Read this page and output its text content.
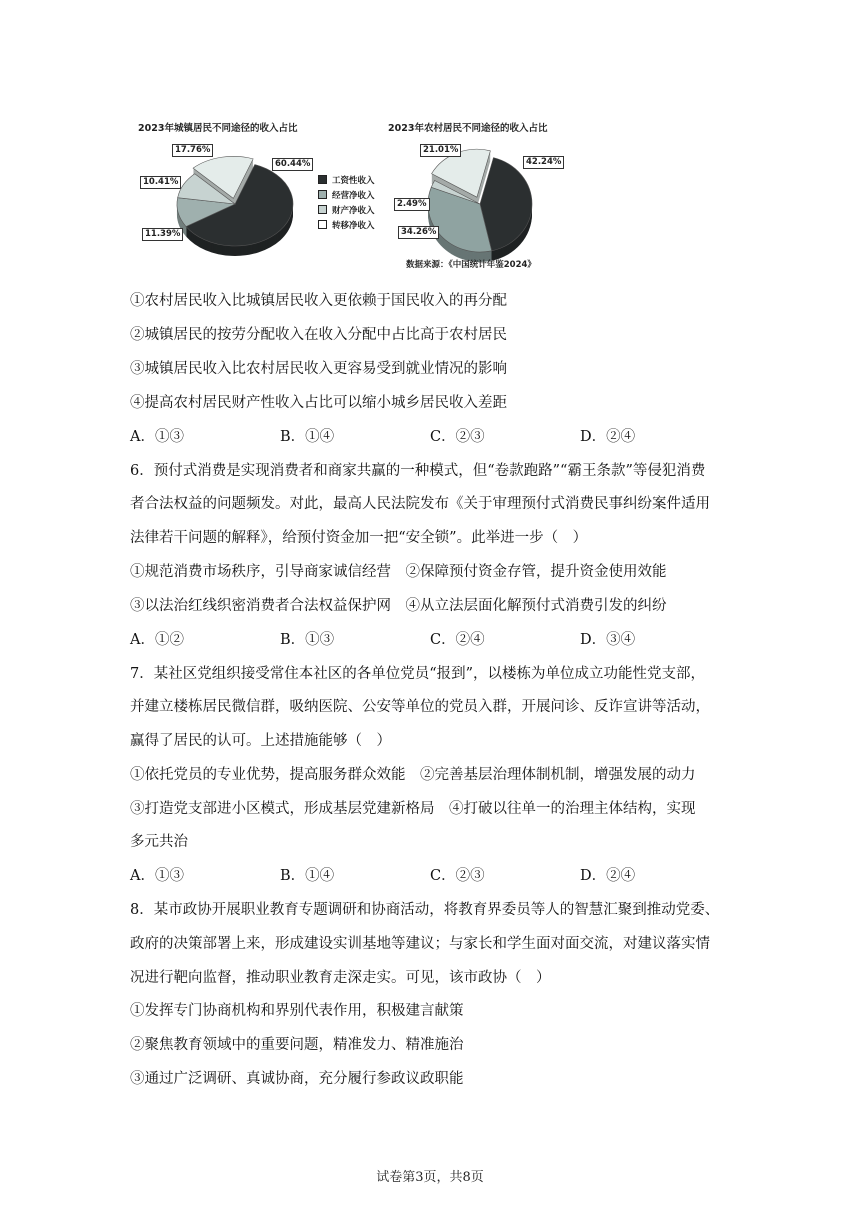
2023年城镇居民不同途径的收入占比	2023年农村居民不同途径的收入占比
60.44%
11.39%
10.41%
17.76%
42.24%
34.26%
2.49%
21.01%
工资性收入
经营净收入
财产净收入
转移净收入
数据来源：《中国统计年鉴2024》
①农村居民收入比城镇居民收入更依赖于国民收入的再分配
②城镇居民的按劳分配收入在收入分配中占比高于农村居民
③城镇居民收入比农村居民收入更容易受到就业情况的影响
④提高农村居民财产性收入占比可以缩小城乡居民收入差距
A．①③	B．①④	C．②③	D．②④
6．预付式消费是实现消费者和商家共赢的一种模式，但“卷款跑路”“霸王条款”等侵犯消费
者合法权益的问题频发。对此，最高人民法院发布《关于审理预付式消费民事纠纷案件适用
法律若干问题的解释》，给预付资金加一把“安全锁”。此举进一步（　）
①规范消费市场秩序，引导商家诚信经营　②保障预付资金存管，提升资金使用效能
③以法治红线织密消费者合法权益保护网　④从立法层面化解预付式消费引发的纠纷
A．①②	B．①③	C．②④	D．③④
7．某社区党组织接受常住本社区的各单位党员“报到”，以楼栋为单位成立功能性党支部，
并建立楼栋居民微信群，吸纳医院、公安等单位的党员入群，开展问诊、反诈宣讲等活动，
赢得了居民的认可。上述措施能够（　）
①依托党员的专业优势，提高服务群众效能　②完善基层治理体制机制，增强发展的动力
③打造党支部进小区模式，形成基层党建新格局　④打破以往单一的治理主体结构，实现
多元共治
A．①③	B．①④	C．②③	D．②④
8．某市政协开展职业教育专题调研和协商活动，将教育界委员等人的智慧汇聚到推动党委、
政府的决策部署上来，形成建设实训基地等建议；与家长和学生面对面交流，对建议落实情
况进行靶向监督，推动职业教育走深走实。可见，该市政协（　）
①发挥专门协商机构和界别代表作用，积极建言献策
②聚焦教育领域中的重要问题，精准发力、精准施治
③通过广泛调研、真诚协商，充分履行参政议政职能
试卷第3页，共8页
